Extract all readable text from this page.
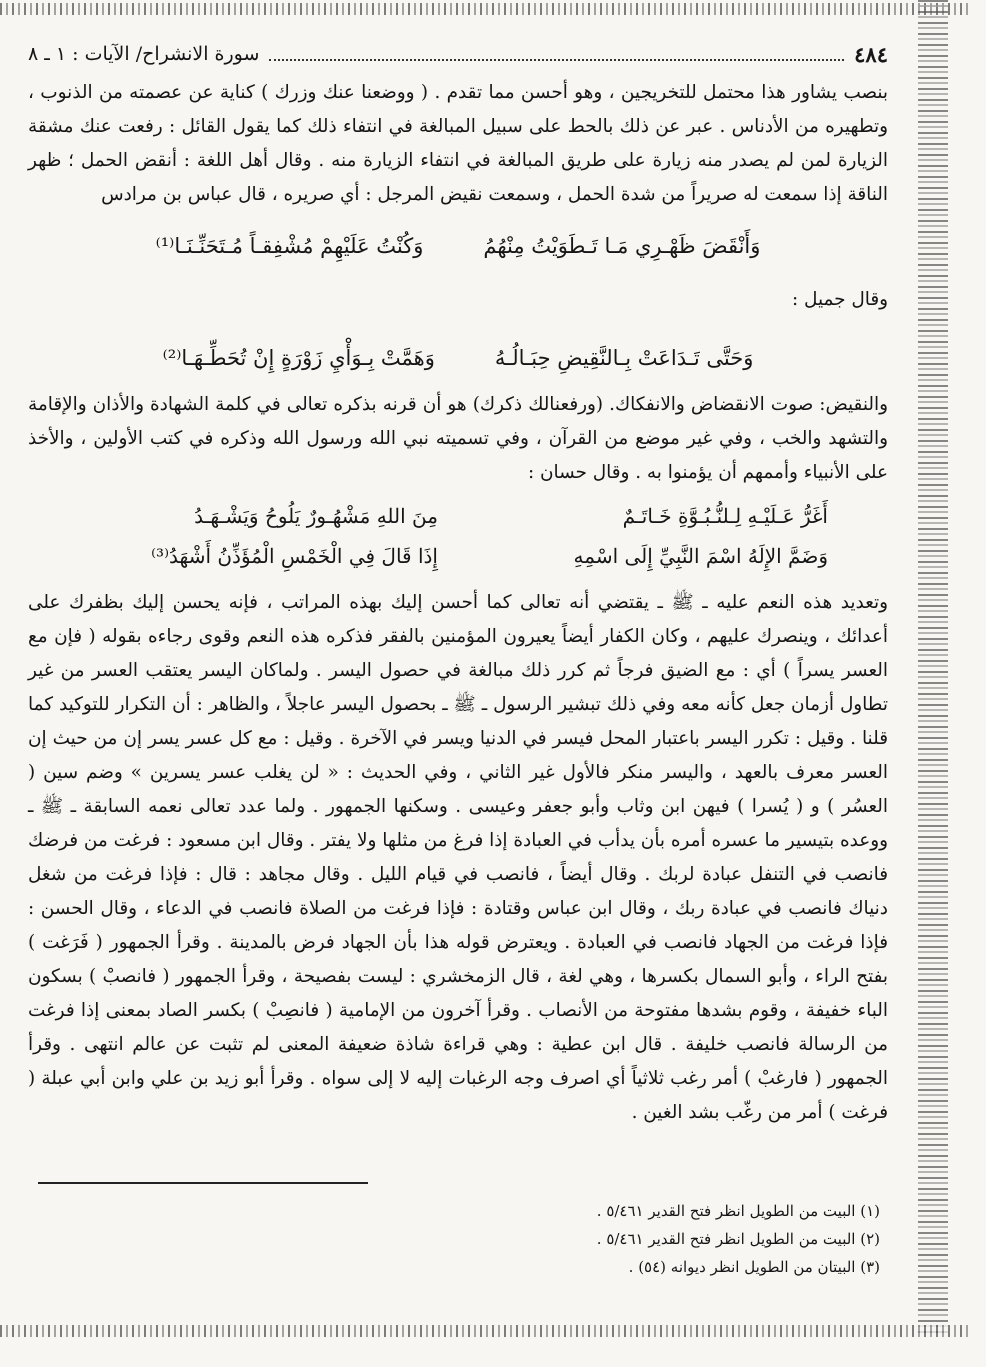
٤٨٤
سورة الانشراح/ الآيات : ١ ـ ٨

بنصب يشاور هذا محتمل للتخريجين ، وهو أحسن مما تقدم . ( ووضعنا عنك وزرك ) كناية عن عصمته من الذنوب ، وتطهيره من الأدناس . عبر عن ذلك بالحط على سبيل المبالغة في انتفاء ذلك كما يقول القائل : رفعت عنك مشقة الزيارة لمن لم يصدر منه زيارة على طريق المبالغة في انتفاء الزيارة منه . وقال أهل اللغة : أنقض الحمل ؛ ظهر الناقة إذا سمعت له صريراً من شدة الحمل ، وسمعت نقيض المرجل : أي صريره ، قال عباس بن مرادس

وَأَنْقَضَ ظَهْـرِي مَـا تَـطَوَيْتُ مِنْهُمُ
وَكُنْتُ عَلَيْهِمْ مُشْفِقـاً مُـتَحَنِّـنَـا⁽¹⁾
وقال جميل :
وَحَتَّى تَـدَاعَتْ بِـالنَّقِيضِ حِبَـالُـهُ
وَهَمَّتْ بِـوَأْيِ زَوْرَةٍ إِنْ تُحَطِّـهَـا⁽²⁾

والنقيض: صوت الانقضاض والانفكاك. (ورفعنالك ذكرك) هو أن قرنه بذكره تعالى في كلمة الشهادة والأذان والإقامة والتشهد والخب ، وفي غير موضع من القرآن ، وفي تسميته نبي الله ورسول الله وذكره في كتب الأولين ، والأخذ على الأنبياء وأممهم أن يؤمنوا به . وقال حسان :

أَغَرُّ عَـلَيْـهِ لِـلنُّـبُـوَّةِ خَـاتَـمٌ
مِنَ اللهِ مَشْهُـورٌ يَلُوحُ وَيَشْـهَـدُ
وَضَمَّ الإِلَهُ اسْمَ النَّبِيِّ إِلَى اسْمِهِ
إِذَا قَالَ فِي الْخَمْسِ الْمُؤَذِّنُ أَشْهَدُ⁽³⁾

وتعديد هذه النعم عليه ـ ﷺ ـ يقتضي أنه تعالى كما أحسن إليك بهذه المراتب ، فإنه يحسن إليك بظفرك على أعدائك ، وينصرك عليهم ، وكان الكفار أيضاً يعيرون المؤمنين بالفقر فذكره هذه النعم وقوى رجاءه بقوله ( فإن مع العسر يسراً ) أي : مع الضيق فرجاً ثم كرر ذلك مبالغة في حصول اليسر . ولماكان اليسر يعتقب العسر من غير تطاول أزمان جعل كأنه معه وفي ذلك تبشير الرسول ـ ﷺ ـ بحصول اليسر عاجلاً ، والظاهر : أن التكرار للتوكيد كما قلنا . وقيل : تكرر اليسر باعتبار المحل فيسر في الدنيا ويسر في الآخرة . وقيل : مع كل عسر يسر إن من حيث إن العسر معرف بالعهد ، واليسر منكر فالأول غير الثاني ، وفي الحديث : « لن يغلب عسر يسرين » وضم سين ( العسُر ) و ( يُسرا ) فيهن ابن وثاب وأبو جعفر وعيسى . وسكنها الجمهور . ولما عدد تعالى نعمه السابقة ـ ﷺ ـ ووعده بتيسير ما عسره أمره بأن يدأب في العبادة إذا فرغ من مثلها ولا يفتر . وقال ابن مسعود : فرغت من فرضك فانصب في التنفل عبادة لربك . وقال أيضاً ، فانصب في قيام الليل . وقال مجاهد : قال : فإذا فرغت من شغل دنياك فانصب في عبادة ربك ، وقال ابن عباس وقتادة : فإذا فرغت من الصلاة فانصب في الدعاء ، وقال الحسن : فإذا فرغت من الجهاد فانصب في العبادة . ويعترض قوله هذا بأن الجهاد فرض بالمدينة . وقرأ الجمهور ( فَرَغت ) بفتح الراء ، وأبو السمال بكسرها ، وهي لغة ، قال الزمخشري : ليست بفصيحة ، وقرأ الجمهور ( فانصبْ ) بسكون الباء خفيفة ، وقوم بشدها مفتوحة من الأنصاب . وقرأ آخرون من الإمامية ( فانصِبْ ) بكسر الصاد بمعنى إذا فرغت من الرسالة فانصب خليفة . قال ابن عطية : وهي قراءة شاذة ضعيفة المعنى لم تثبت عن عالم انتهى . وقرأ الجمهور ( فارغبْ ) أمر رغب ثلاثياً أي اصرف وجه الرغبات إليه لا إلى سواه . وقرأ أبو زيد بن علي وابن أبي عبلة ( فرغت ) أمر من رغّب بشد الغين .

(١) البيت من الطويل انظر فتح القدير ٥/٤٦١ .
(٢) البيت من الطويل انظر فتح القدير ٥/٤٦١ .
(٣) البيتان من الطويل انظر ديوانه (٥٤) .
